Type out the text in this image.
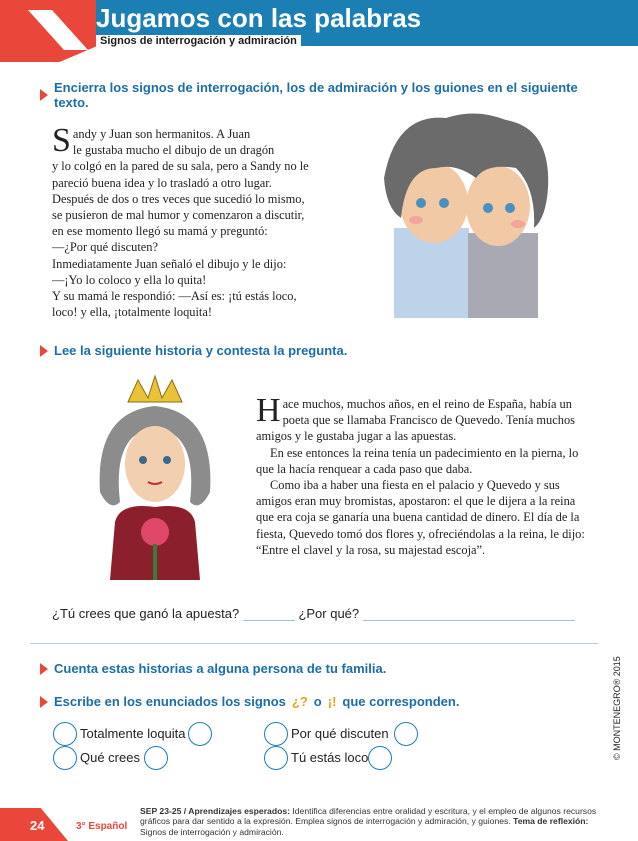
Jugamos con las palabras
Signos de interrogación y admiración
Encierra los signos de interrogación, los de admiración y los guiones en el siguiente texto.
S andy y Juan son hermanitos. A Juan
le gustaba mucho el dibujo de un dragón
y lo colgó en la pared de su sala, pero a Sandy no le
pareció buena idea y lo trasladó a otro lugar.
Después de dos o tres veces que sucedió lo mismo,
se pusieron de mal humor y comenzaron a discutir,
en ese momento llegó su mamá y preguntó:
—¿Por qué discuten?
Inmediatamente Juan señaló el dibujo y le dijo:
—¡Yo lo coloco y ella lo quita!
Y su mamá le respondió: —Así es: ¡tú estás loco,
loco! y ella, ¡totalmente loquita!
Lee la siguiente historia y contesta la pregunta.
H ace muchos, muchos años, en el reino de España, había un
poeta que se llamaba Francisco de Quevedo. Tenía muchos
amigos y le gustaba jugar a las apuestas.
En ese entonces la reina tenía un padecimiento en la pierna, lo
que la hacía renquear a cada paso que daba.
Como iba a haber una fiesta en el palacio y Quevedo y sus
amigos eran muy bromistas, apostaron: el que le dijera a la reina
que era coja se ganaría una buena cantidad de dinero. El día de la
fiesta, Quevedo tomó dos flores y, ofreciéndolas a la reina, le dijo:
“Entre el clavel y la rosa, su majestad escoja”.
¿Tú crees que ganó la apuesta?	¿Por qué?
Cuenta estas historias a alguna persona de tu familia.
Escribe en los enunciados los signos ¿? o ¡! que corresponden.
Totalmente loquita	Por qué discuten
Qué crees	Tú estás loco	© MONTENEGRO® 2015
24	3° Español
SEP 23-25 / Aprendizajes esperados: Identifica diferencias entre oralidad y escritura, y el empleo de algunos recursos gráficos para dar sentido a la expresión. Emplea signos de interrogación y admiración, y guiones. Tema de reflexión: Signos de interrogación y admiración.
